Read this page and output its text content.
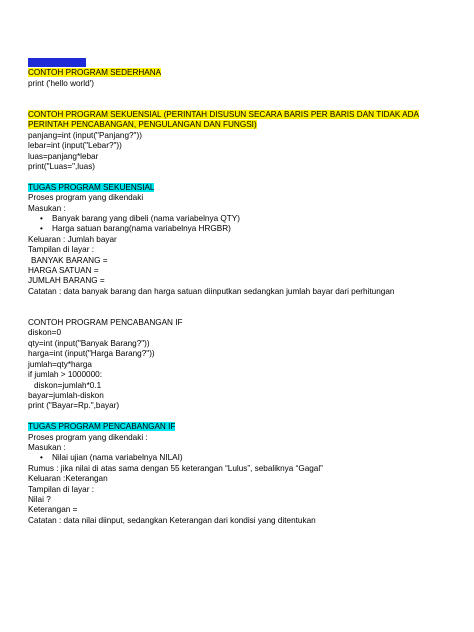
BAB KARAJAN
CONTOH PROGRAM SEDERHANA
print ('hello world')
CONTOH PROGRAM SEKUENSIAL (PERINTAH DISUSUN SECARA BARIS PER BARIS DAN TIDAK ADA PERINTAH PENCABANGAN, PENGULANGAN DAN FUNGSI)
panjang=int (input("Panjang?"))
lebar=int (input("Lebar?"))
luas=panjang*lebar
print("Luas=",luas)
TUGAS PROGRAM SEKUENSIAL
Proses program yang dikendaki
Masukan :
• Banyak barang yang dibeli (nama variabelnya QTY)
• Harga satuan barang(nama variabelnya HRGBR)
Keluaran : Jumlah bayar
Tampilan di layar :
BANYAK BARANG =
HARGA SATUAN =
JUMLAH BARANG =
Catatan : data banyak barang dan harga satuan diinputkan sedangkan jumlah bayar dari perhitungan
CONTOH PROGRAM PENCABANGAN IF
diskon=0
qty=int (input("Banyak Barang?"))
harga=int (input("Harga Barang?"))
jumlah=qty*harga
if jumlah > 1000000:
diskon=jumlah*0.1
bayar=jumlah-diskon
print ("Bayar=Rp.",bayar)
TUGAS PROGRAM PENCABANGAN IF
Proses program yang dikendaki :
Masukan :
• Nilai ujian (nama variabelnya NILAI)
Rumus : jika nilai di atas sama dengan 55 keterangan “Lulus”, sebaliknya “Gagal”
Keluaran :Keterangan
Tampilan di layar :
Nilai ?
Keterangan =
Catatan : data nilai diinput, sedangkan Keterangan dari kondisi yang ditentukan
